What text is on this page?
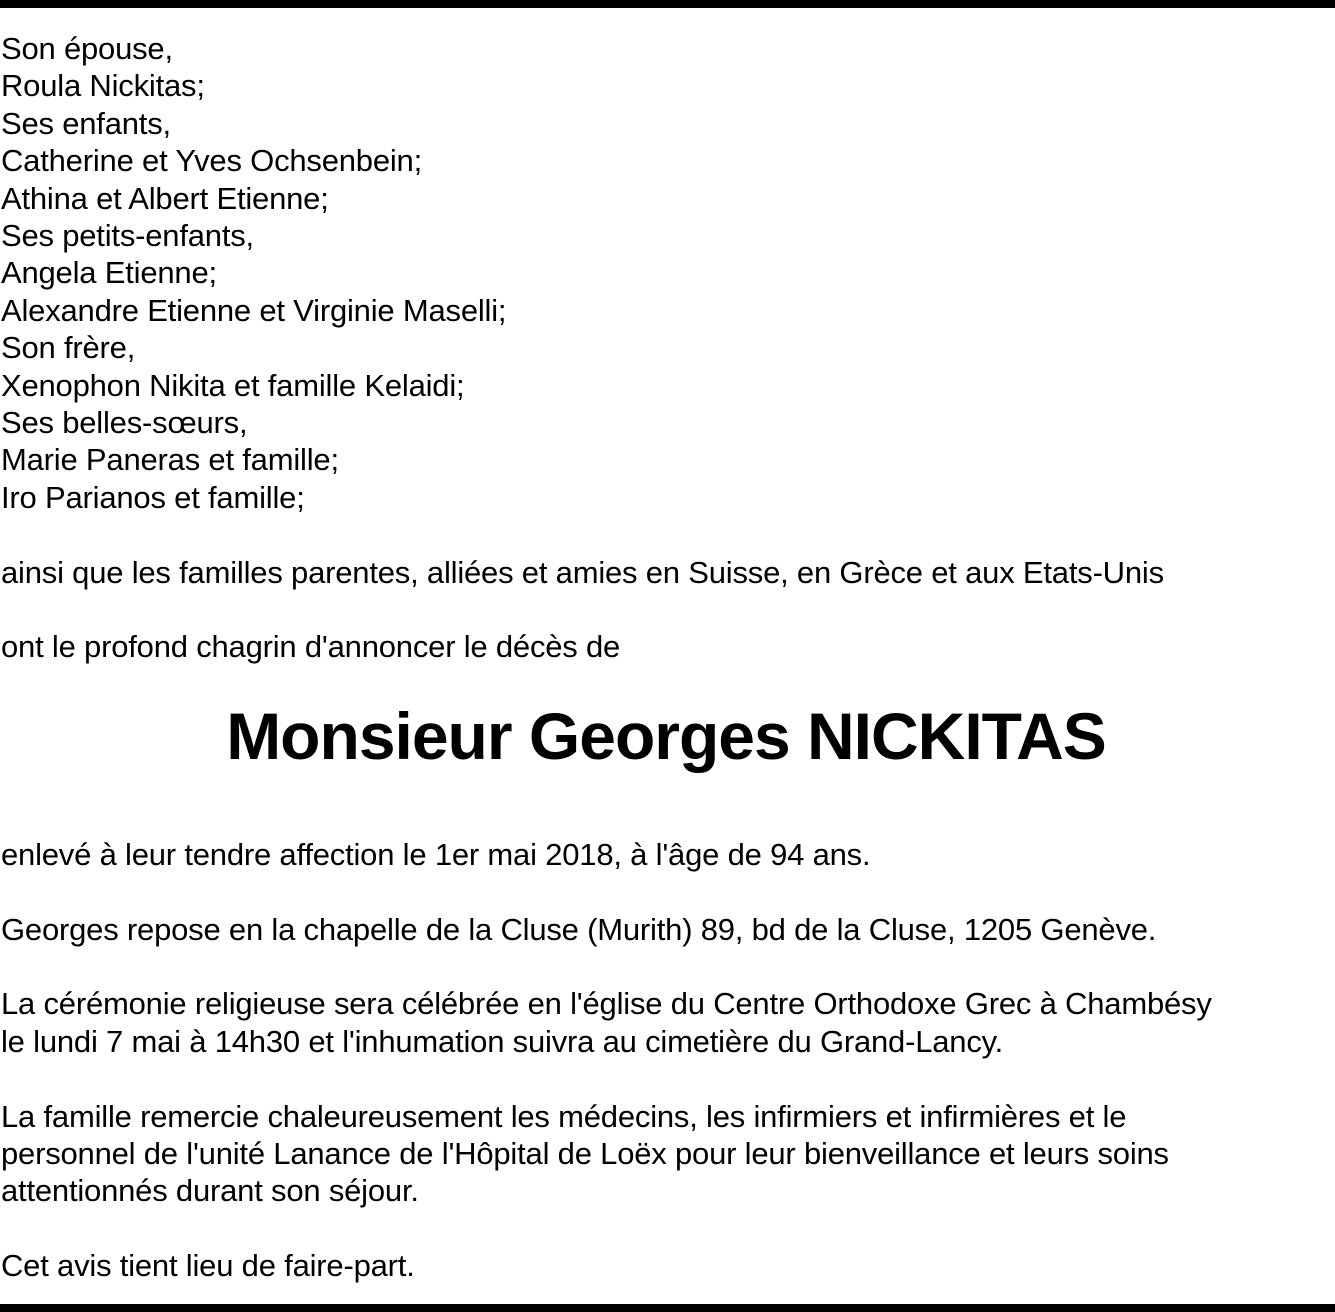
Son épouse,
Roula Nickitas;
Ses enfants,
Catherine et Yves Ochsenbein;
Athina et Albert Etienne;
Ses petits-enfants,
Angela Etienne;
Alexandre Etienne et Virginie Maselli;
Son frère,
Xenophon Nikita et famille Kelaidi;
Ses belles-sœurs,
Marie Paneras et famille;
Iro Parianos et famille;
ainsi que les familles parentes, alliées et amies en Suisse, en Grèce et aux Etats-Unis
ont le profond chagrin d'annoncer le décès de
Monsieur Georges NICKITAS
enlevé à leur tendre affection le 1er mai 2018, à l'âge de 94 ans.
Georges repose en la chapelle de la Cluse (Murith) 89, bd de la Cluse, 1205 Genève.
La cérémonie religieuse sera célébrée en l'église du Centre Orthodoxe Grec à Chambésy
le lundi 7 mai à 14h30 et l'inhumation suivra au cimetière du Grand-Lancy.
La famille remercie chaleureusement les médecins, les infirmiers et infirmières et le
personnel de l'unité Lanance de l'Hôpital de Loëx pour leur bienveillance et leurs soins
attentionnés durant son séjour.
Cet avis tient lieu de faire-part.
